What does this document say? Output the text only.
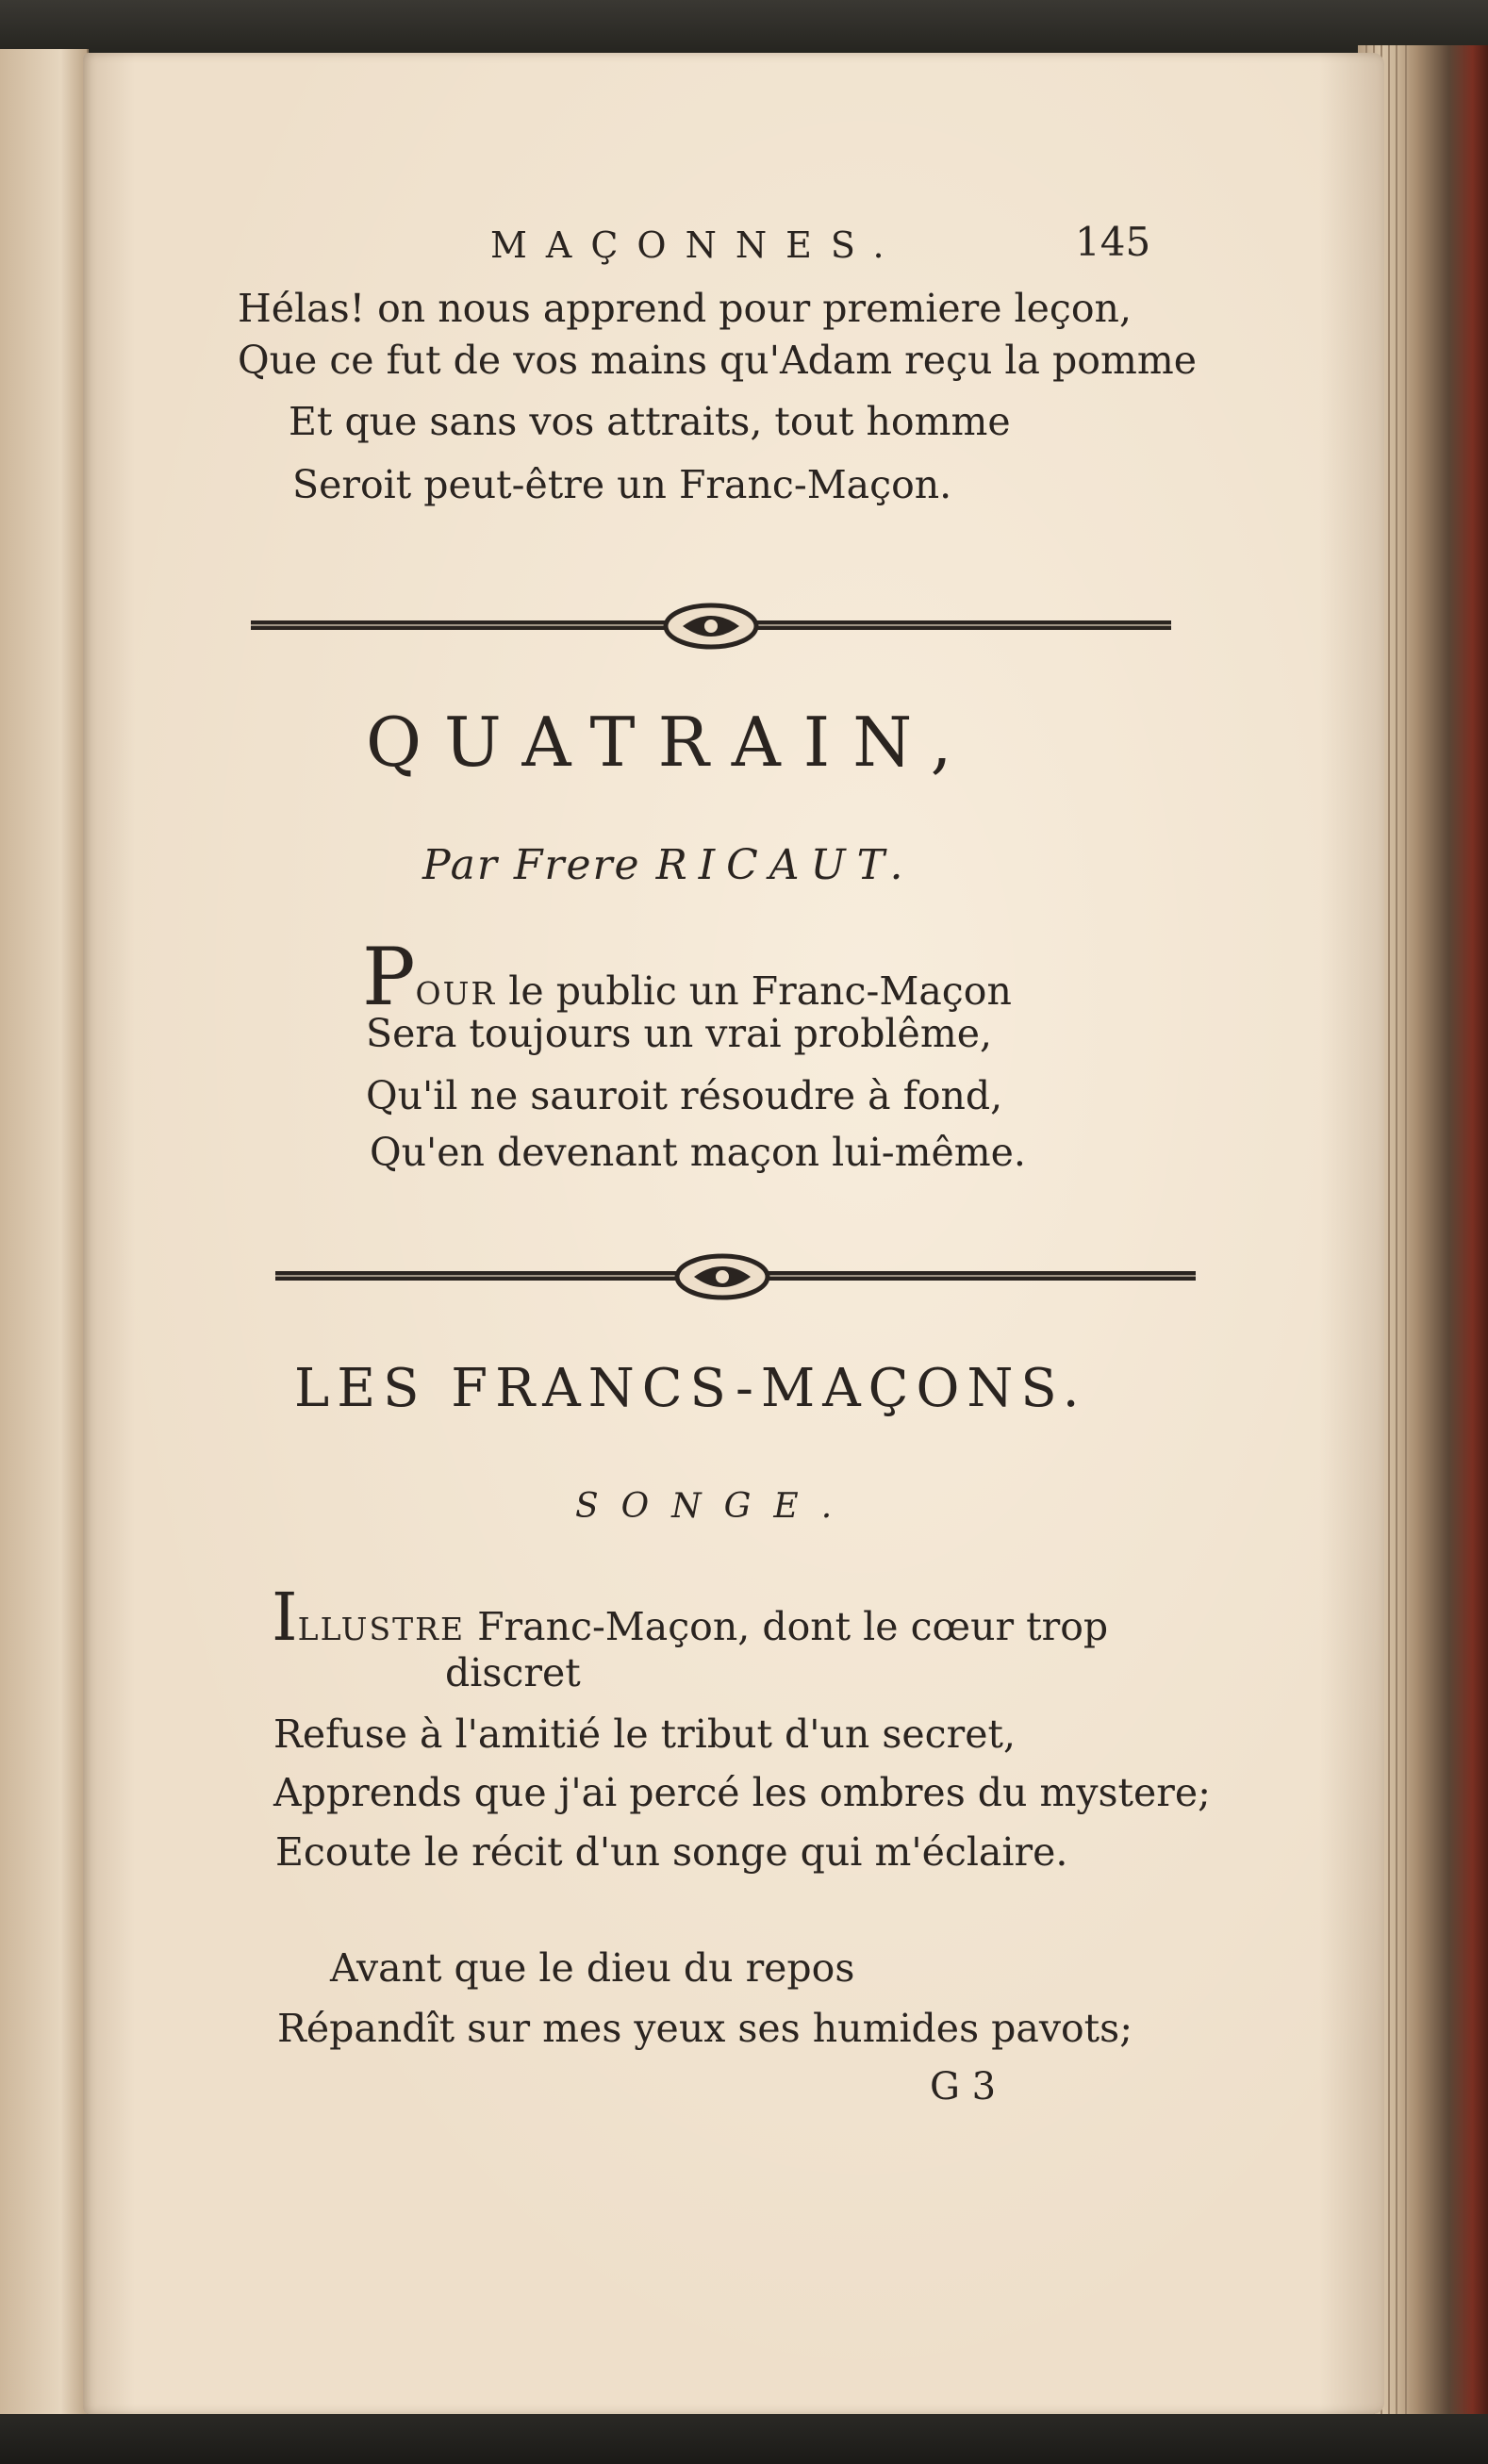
MAÇONNES.	145
Hélas! on nous apprend pour premiere leçon,
Que ce fut de vos mains qu'Adam reçu la pomme
Et que sans vos attraits, tout homme
Seroit peut-être un Franc-Maçon.
QUATRAIN,
Par Frere RICAUT.
POUR le public un Franc-Maçon
Sera toujours un vrai problême,
Qu'il ne sauroit résoudre à fond,
Qu'en devenant maçon lui-même.
LES FRANCS-MAÇONS.
SONGE.
ILLUSTRE Franc-Maçon, dont le cœur trop
discret
Refuse à l'amitié le tribut d'un secret,
Apprends que j'ai percé les ombres du mystere;
Ecoute le récit d'un songe qui m'éclaire.
Avant que le dieu du repos
Répandît sur mes yeux ses humides pavots;
G 3
